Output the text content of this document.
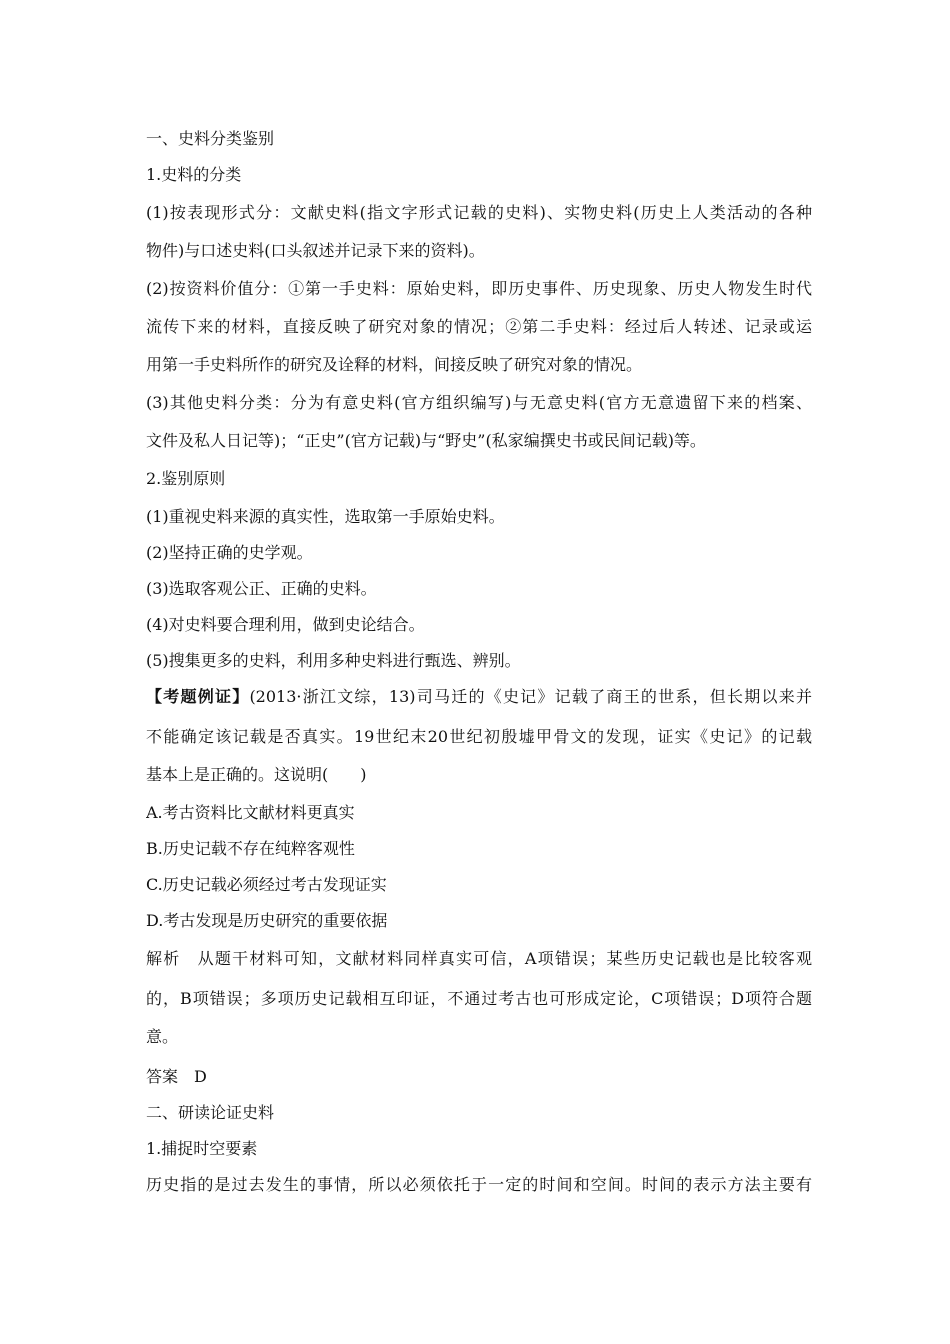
一、史料分类鉴别
1.史料的分类
(1)按表现形式分：文献史料(指文字形式记载的史料)、实物史料(历史上人类活动的各种
物件)与口述史料(口头叙述并记录下来的资料)。
(2)按资料价值分：①第一手史料：原始史料，即历史事件、历史现象、历史人物发生时代
流传下来的材料，直接反映了研究对象的情况；②第二手史料：经过后人转述、记录或运
用第一手史料所作的研究及诠释的材料，间接反映了研究对象的情况。
(3)其他史料分类：分为有意史料(官方组织编写)与无意史料(官方无意遗留下来的档案、
文件及私人日记等)；“正史”(官方记载)与“野史”(私家编撰史书或民间记载)等。
2.鉴别原则
(1)重视史料来源的真实性，选取第一手原始史料。
(2)坚持正确的史学观。
(3)选取客观公正、正确的史料。
(4)对史料要合理利用，做到史论结合。
(5)搜集更多的史料，利用多种史料进行甄选、辨别。
【考题例证】(2013·浙江文综，13)司马迁的《史记》记载了商王的世系，但长期以来并
不能确定该记载是否真实。19世纪末20世纪初殷墟甲骨文的发现，证实《史记》的记载
基本上是正确的。这说明(　　)
A.考古资料比文献材料更真实
B.历史记载不存在纯粹客观性
C.历史记载必须经过考古发现证实
D.考古发现是历史研究的重要依据
解析　从题干材料可知，文献材料同样真实可信，A项错误；某些历史记载也是比较客观
的，B项错误；多项历史记载相互印证，不通过考古也可形成定论，C项错误；D项符合题
意。
答案　D
二、研读论证史料
1.捕捉时空要素
历史指的是过去发生的事情，所以必须依托于一定的时间和空间。时间的表示方法主要有
